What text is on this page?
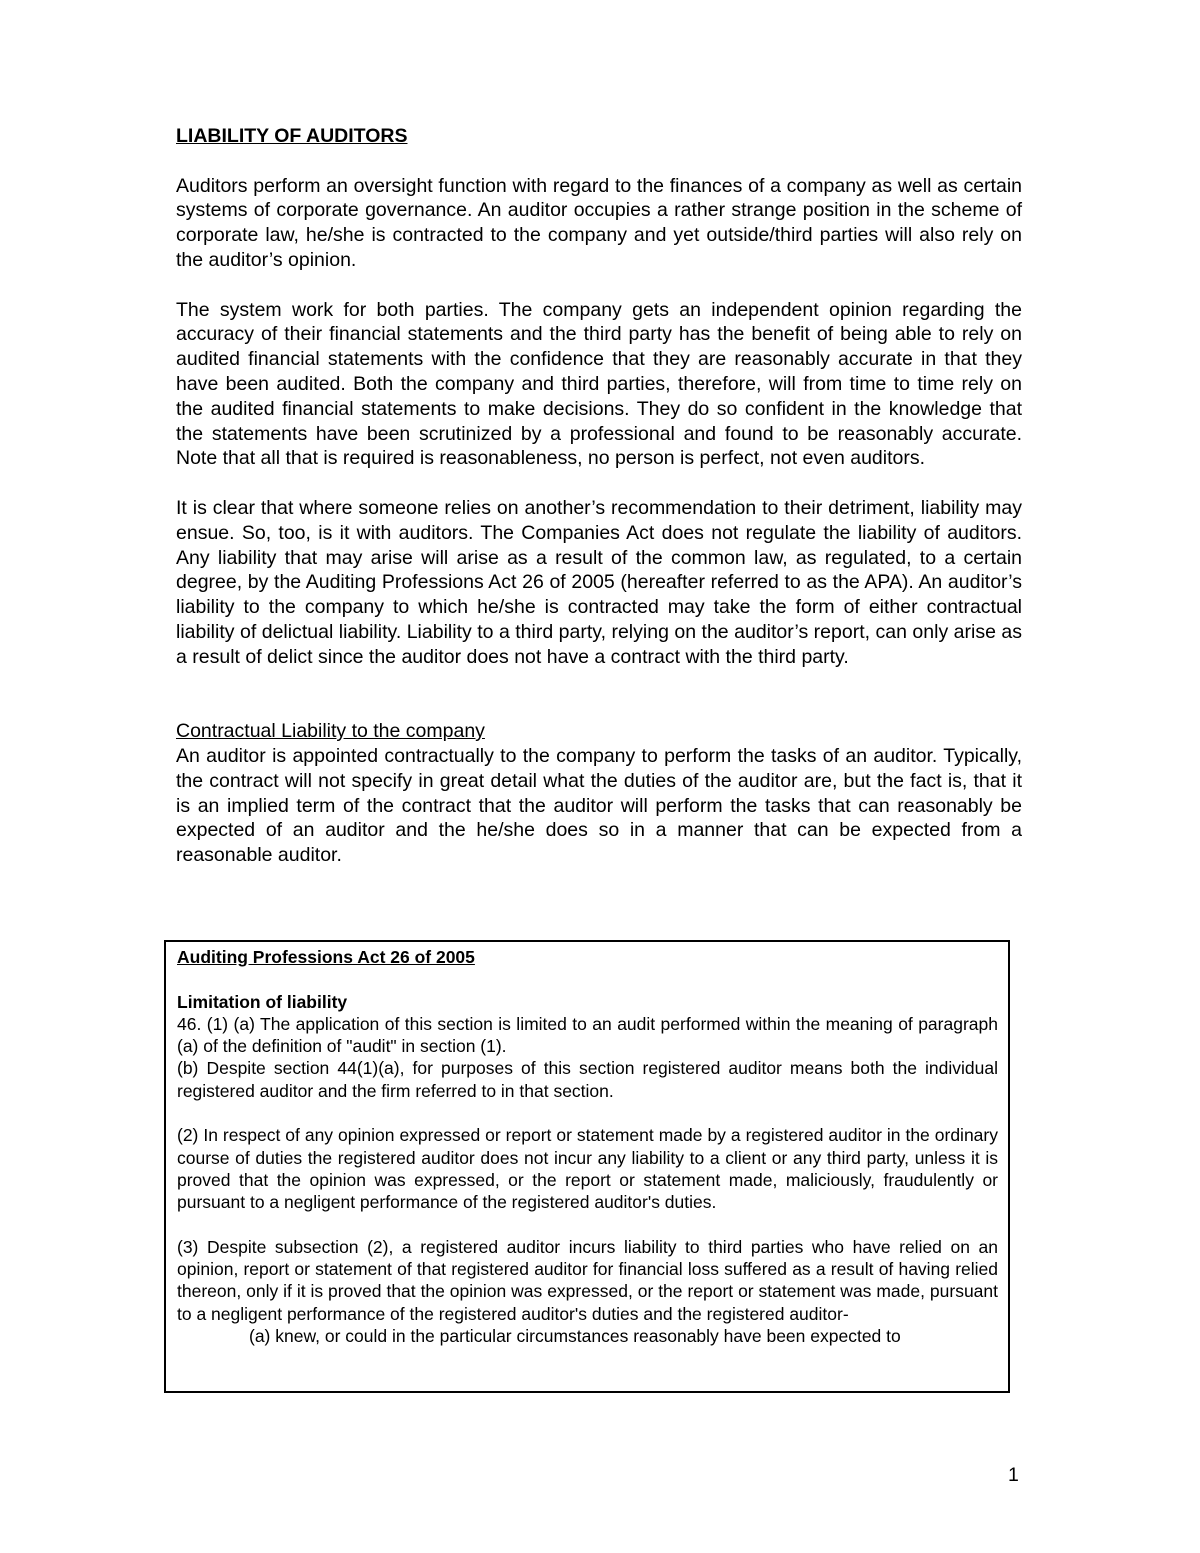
LIABILITY OF AUDITORS

Auditors perform an oversight function with regard to the finances of a company as well as certain systems of corporate governance. An auditor occupies a rather strange position in the scheme of corporate law, he/she is contracted to the company and yet outside/third parties will also rely on the auditor’s opinion.

The system work for both parties. The company gets an independent opinion regarding the accuracy of their financial statements and the third party has the benefit of being able to rely on audited financial statements with the confidence that they are reasonably accurate in that they have been audited. Both the company and third parties, therefore, will from time to time rely on the audited financial statements to make decisions. They do so confident in the knowledge that the statements have been scrutinized by a professional and found to be reasonably accurate. Note that all that is required is reasonableness, no person is perfect, not even auditors.

It is clear that where someone relies on another’s recommendation to their detriment, liability may ensue. So, too, is it with auditors. The Companies Act does not regulate the liability of auditors. Any liability that may arise will arise as a result of the common law, as regulated, to a certain degree, by the Auditing Professions Act 26 of 2005 (hereafter referred to as the APA). An auditor’s liability to the company to which he/she is contracted may take the form of either contractual liability of delictual liability. Liability to a third party, relying on the auditor’s report, can only arise as a result of delict since the auditor does not have a contract with the third party.

Contractual Liability to the company

An auditor is appointed contractually to the company to perform the tasks of an auditor. Typically, the contract will not specify in great detail what the duties of the auditor are, but the fact is, that it is an implied term of the contract that the auditor will perform the tasks that can reasonably be expected of an auditor and the he/she does so in a manner that can be expected from a reasonable auditor.

Auditing Professions Act 26 of 2005

Limitation of liability

46. (1) (a) The application of this section is limited to an audit performed within the meaning of paragraph (a) of the definition of "audit" in section (1).

(b) Despite section 44(1)(a), for purposes of this section registered auditor means both the individual registered auditor and the firm referred to in that section.

(2) In respect of any opinion expressed or report or statement made by a registered auditor in the ordinary course of duties the registered auditor does not incur any liability to a client or any third party, unless it is proved that the opinion was expressed, or the report or statement made, maliciously, fraudulently or pursuant to a negligent performance of the registered auditor's duties.

(3) Despite subsection (2), a registered auditor incurs liability to third parties who have relied on an opinion, report or statement of that registered auditor for financial loss suffered as a result of having relied thereon, only if it is proved that the opinion was expressed, or the report or statement was made, pursuant to a negligent performance of the registered auditor's duties and the registered auditor-

(a) knew, or could in the particular circumstances reasonably have been expected to

1
